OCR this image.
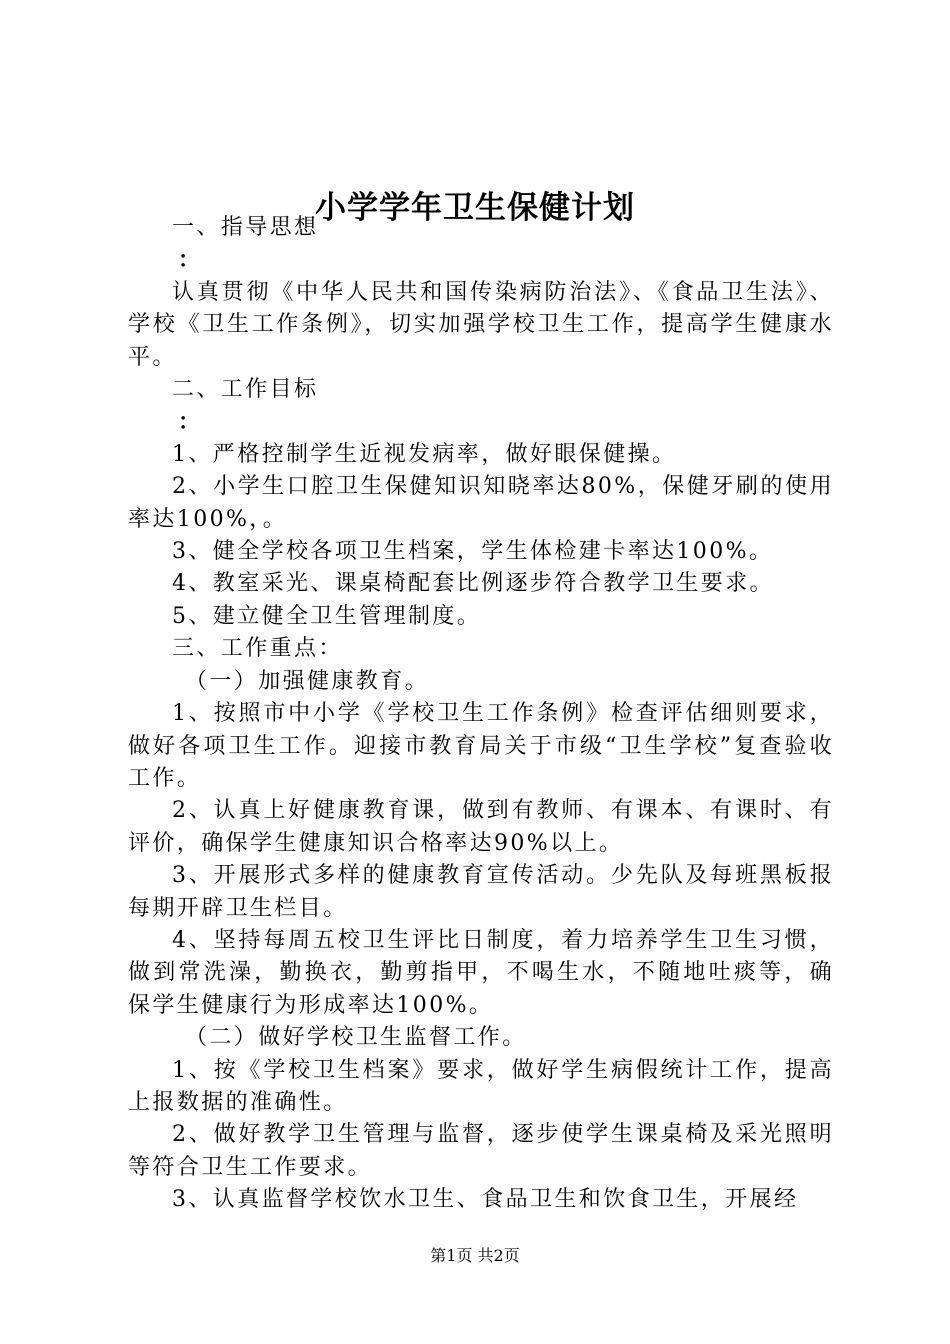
小学学年卫生保健计划

一、指导思想

：

认真贯彻《中华人民共和国传染病防治法》、《食品卫生法》、学校《卫生工作条例》，切实加强学校卫生工作，提高学生健康水平。

二、工作目标

：

1、严格控制学生近视发病率，做好眼保健操。

2、小学生口腔卫生保健知识知晓率达80%，保健牙刷的使用率达100%，。

3、健全学校各项卫生档案，学生体检建卡率达100%。

4、教室采光、课桌椅配套比例逐步符合教学卫生要求。

5、建立健全卫生管理制度。

三、工作重点：

（一）加强健康教育。

1、按照市中小学《学校卫生工作条例》检查评估细则要求，做好各项卫生工作。迎接市教育局关于市级“卫生学校”复查验收工作。

2、认真上好健康教育课，做到有教师、有课本、有课时、有评价，确保学生健康知识合格率达90%以上。

3、开展形式多样的健康教育宣传活动。少先队及每班黑板报每期开辟卫生栏目。

4、坚持每周五校卫生评比日制度，着力培养学生卫生习惯，做到常洗澡，勤换衣，勤剪指甲，不喝生水，不随地吐痰等，确保学生健康行为形成率达100%。

（二）做好学校卫生监督工作。

1、按《学校卫生档案》要求，做好学生病假统计工作，提高上报数据的准确性。

2、做好教学卫生管理与监督，逐步使学生课桌椅及采光照明等符合卫生工作要求。

3、认真监督学校饮水卫生、食品卫生和饮食卫生，开展经

第1页 共2页
